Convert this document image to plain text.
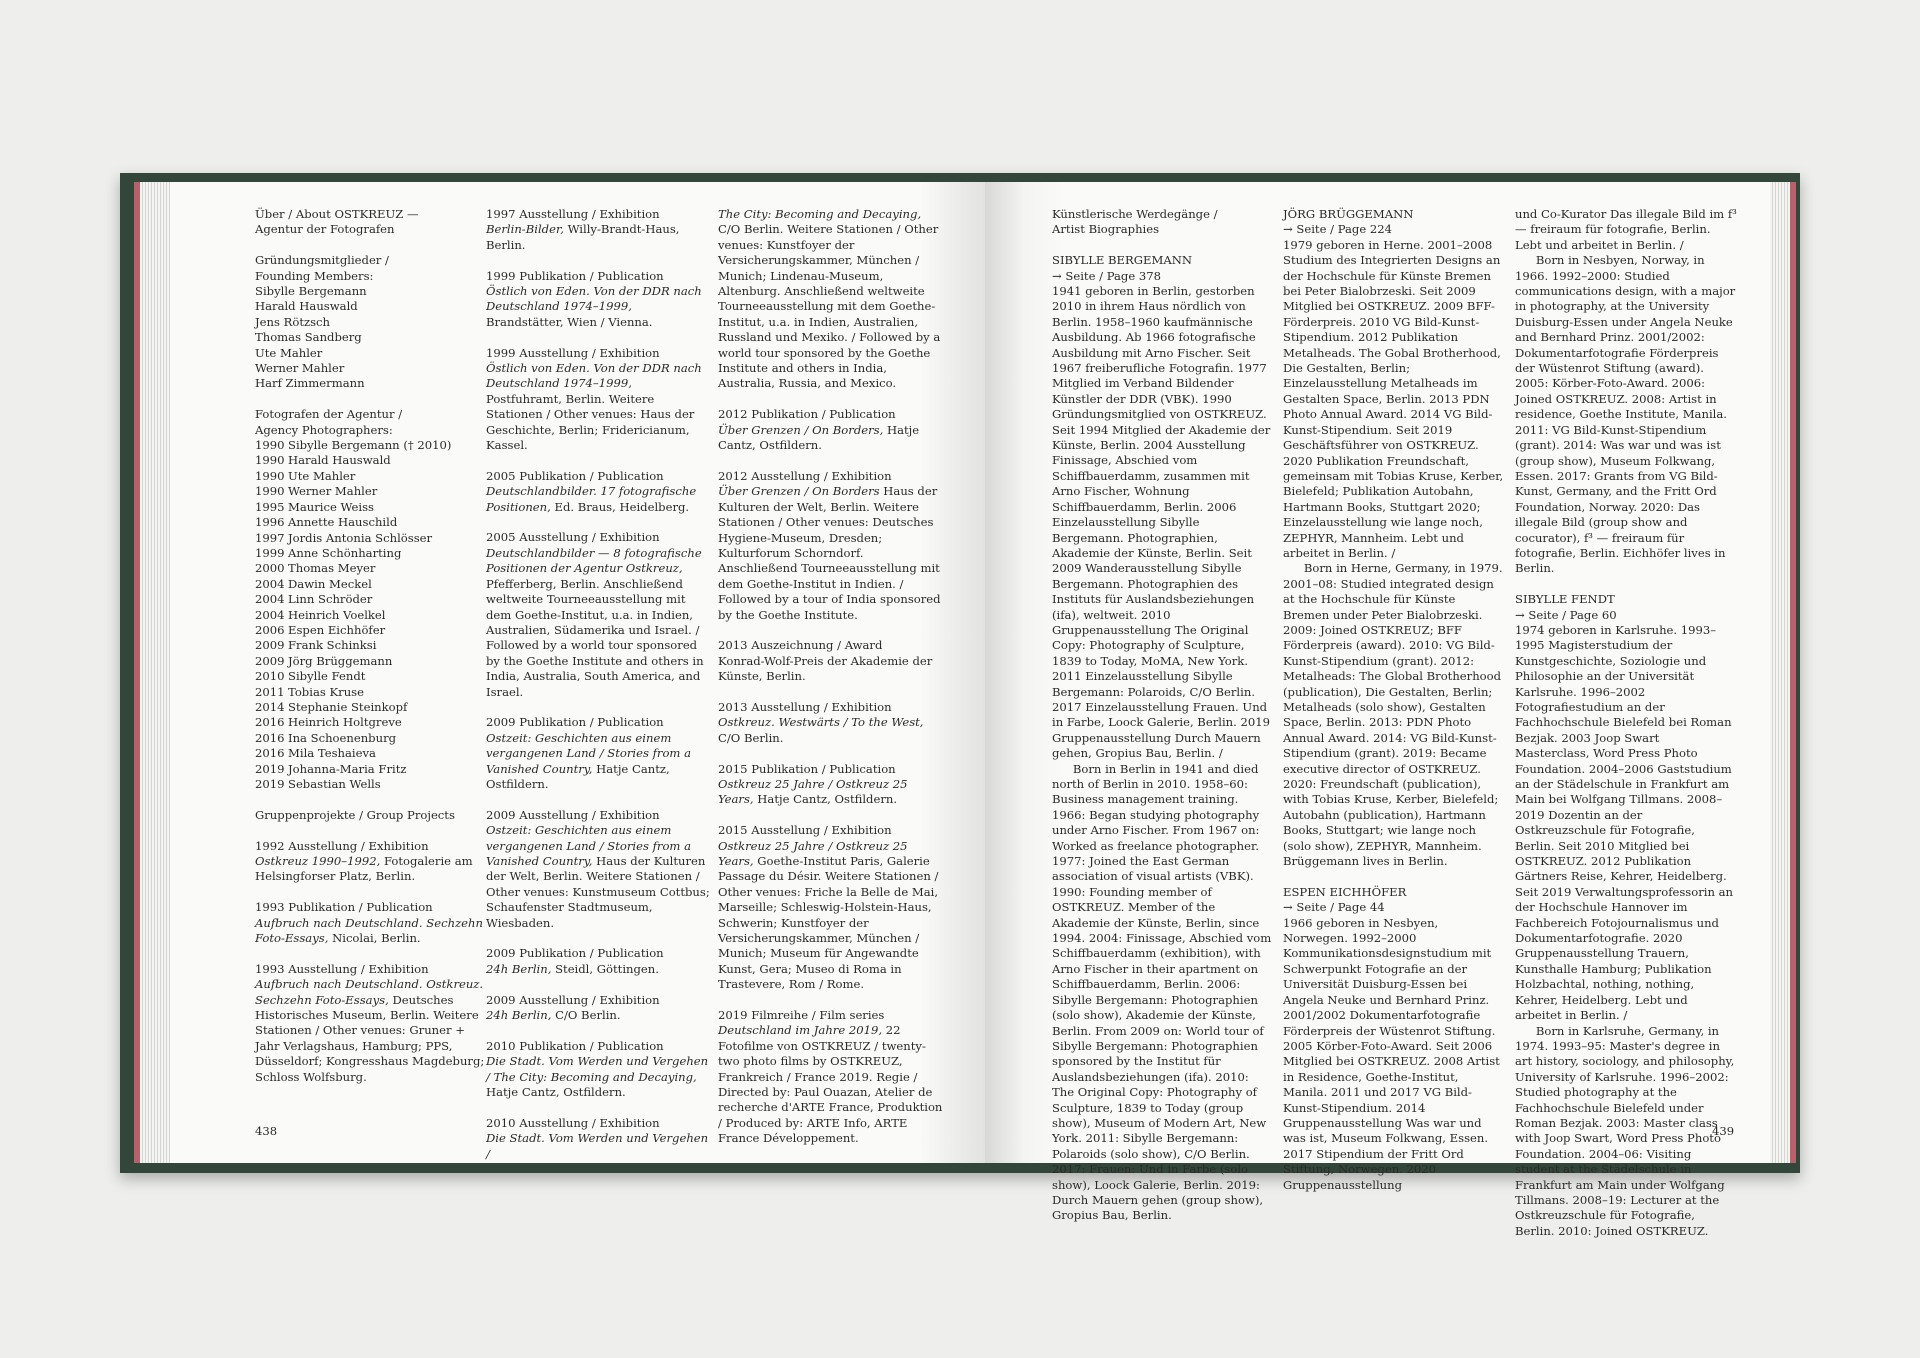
Über / About OSTKREUZ —
Agentur der Fotografen

Gründungsmitglieder /
Founding Members:
Sibylle Bergemann
Harald Hauswald
Jens Rötzsch
Thomas Sandberg
Ute Mahler
Werner Mahler
Harf Zimmermann

Fotografen der Agentur /
Agency Photographers:
1990 Sibylle Bergemann († 2010)
1990 Harald Hauswald
1990 Ute Mahler
1990 Werner Mahler
1995 Maurice Weiss
1996 Annette Hauschild
1997 Jordis Antonia Schlösser
1999 Anne Schönharting
2000 Thomas Meyer
2004 Dawin Meckel
2004 Linn Schröder
2004 Heinrich Voelkel
2006 Espen Eichhöfer
2009 Frank Schinksi
2009 Jörg Brüggemann
2010 Sibylle Fendt
2011 Tobias Kruse
2014 Stephanie Steinkopf
2016 Heinrich Holtgreve
2016 Ina Schoenenburg
2016 Mila Teshaieva
2019 Johanna-Maria Fritz
2019 Sebastian Wells

Gruppenprojekte / Group Projects

1992 Ausstellung / Exhibition
Ostkreuz 1990–1992, Fotogalerie am Helsingforser Platz, Berlin.

1993 Publikation / Publication
Aufbruch nach Deutschland. Sechzehn Foto-Essays, Nicolai, Berlin.

1993 Ausstellung / Exhibition
Aufbruch nach Deutschland. Ostkreuz. Sechzehn Foto-Essays, Deutsches Historisches Museum, Berlin. Weitere Stationen / Other venues: Gruner + Jahr Verlagshaus, Hamburg; PPS, Düsseldorf; Kongresshaus Magdeburg; Schloss Wolfsburg.

1997 Ausstellung / Exhibition
Berlin-Bilder, Willy-Brandt-Haus, Berlin.

1999 Publikation / Publication
Östlich von Eden. Von der DDR nach Deutschland 1974–1999, Brandstätter, Wien / Vienna.

1999 Ausstellung / Exhibition
Östlich von Eden. Von der DDR nach Deutschland 1974–1999, Postfuhramt, Berlin. Weitere Stationen / Other venues: Haus der Geschichte, Berlin; Fridericianum, Kassel.

2005 Publikation / Publication
Deutschlandbilder. 17 fotografische Positionen, Ed. Braus, Heidelberg.

2005 Ausstellung / Exhibition
Deutschlandbilder — 8 fotografische Positionen der Agentur Ostkreuz, Pfefferberg, Berlin. Anschließend weltweite Tourneeausstellung mit dem Goethe-Institut, u.a. in Indien, Australien, Südamerika und Israel. / Followed by a world tour sponsored by the Goethe Institute and others in India, Australia, South America, and Israel.

2009 Publikation / Publication
Ostzeit: Geschichten aus einem vergangenen Land / Stories from a Vanished Country, Hatje Cantz, Ostfildern.

2009 Ausstellung / Exhibition
Ostzeit: Geschichten aus einem vergangenen Land / Stories from a Vanished Country, Haus der Kulturen der Welt, Berlin. Weitere Stationen / Other venues: Kunstmuseum Cottbus; Schaufenster Stadtmuseum, Wiesbaden.

2009 Publikation / Publication
24h Berlin, Steidl, Göttingen.

2009 Ausstellung / Exhibition
24h Berlin, C/O Berlin.

2010 Publikation / Publication
Die Stadt. Vom Werden und Vergehen / The City: Becoming and Decaying, Hatje Cantz, Ostfildern.

2010 Ausstellung / Exhibition
Die Stadt. Vom Werden und Vergehen /

The City: Becoming and Decaying, C/O Berlin. Weitere Stationen / Other venues: Kunstfoyer der Versicherungskammer, München / Munich; Lindenau-Museum, Altenburg. Anschließend weltweite Tourneeausstellung mit dem Goethe-Institut, u.a. in Indien, Australien, Russland und Mexiko. / Followed by a world tour sponsored by the Goethe Institute and others in India, Australia, Russia, and Mexico.

2012 Publikation / Publication
Über Grenzen / On Borders, Hatje Cantz, Ostfildern.

2012 Ausstellung / Exhibition
Über Grenzen / On Borders Haus der Kulturen der Welt, Berlin. Weitere Stationen / Other venues: Deutsches Hygiene-Museum, Dresden; Kulturforum Schorndorf. Anschließend Tourneeausstellung mit dem Goethe-Institut in Indien. / Followed by a tour of India sponsored by the Goethe Institute.

2013 Auszeichnung / Award
Konrad-Wolf-Preis der Akademie der Künste, Berlin.

2013 Ausstellung / Exhibition
Ostkreuz. Westwärts / To the West, C/O Berlin.

2015 Publikation / Publication
Ostkreuz 25 Jahre / Ostkreuz 25 Years, Hatje Cantz, Ostfildern.

2015 Ausstellung / Exhibition
Ostkreuz 25 Jahre / Ostkreuz 25 Years, Goethe-Institut Paris, Galerie Passage du Désir. Weitere Stationen / Other venues: Friche la Belle de Mai, Marseille; Schleswig-Holstein-Haus, Schwerin; Kunstfoyer der Versicherungskammer, München / Munich; Museum für Angewandte Kunst, Gera; Museo di Roma in Trastevere, Rom / Rome.

2019 Filmreihe / Film series
Deutschland im Jahre 2019, 22 Fotofilme von OSTKREUZ / twenty-two photo films by OSTKREUZ, Frankreich / France 2019. Regie / Directed by: Paul Ouazan, Atelier de recherche d'ARTE France, Produktion / Produced by: ARTE Info, ARTE France Développement.

438

Künstlerische Werdegänge /
Artist Biographies

SIBYLLE BERGEMANN
→ Seite / Page 378
1941 geboren in Berlin, gestorben 2010 in ihrem Haus nördlich von Berlin. 1958–1960 kaufmännische Ausbildung. Ab 1966 fotografische Ausbildung mit Arno Fischer. Seit 1967 freiberufliche Fotografin. 1977 Mitglied im Verband Bildender Künstler der DDR (VBK). 1990 Gründungsmitglied von OSTKREUZ. Seit 1994 Mitglied der Akademie der Künste, Berlin. 2004 Ausstellung Finissage, Abschied vom Schiffbauerdamm, zusammen mit Arno Fischer, Wohnung Schiffbauerdamm, Berlin. 2006 Einzelausstellung Sibylle Bergemann. Photographien, Akademie der Künste, Berlin. Seit 2009 Wanderausstellung Sibylle Bergemann. Photographien des Instituts für Auslandsbeziehungen (ifa), weltweit. 2010 Gruppenausstellung The Original Copy: Photography of Sculpture, 1839 to Today, MoMA, New York. 2011 Einzelausstellung Sibylle Bergemann: Polaroids, C/O Berlin. 2017 Einzelausstellung Frauen. Und in Farbe, Loock Galerie, Berlin. 2019 Gruppenausstellung Durch Mauern gehen, Gropius Bau, Berlin. /
Born in Berlin in 1941 and died north of Berlin in 2010. 1958–60: Business management training. 1966: Began studying photography under Arno Fischer. From 1967 on: Worked as freelance photographer. 1977: Joined the East German association of visual artists (VBK). 1990: Founding member of OSTKREUZ. Member of the Akademie der Künste, Berlin, since 1994. 2004: Finissage, Abschied vom Schiffbauerdamm (exhibition), with Arno Fischer in their apartment on Schiffbauerdamm, Berlin. 2006: Sibylle Bergemann: Photographien (solo show), Akademie der Künste, Berlin. From 2009 on: World tour of Sibylle Bergemann: Photographien sponsored by the Institut für Auslandsbeziehungen (ifa). 2010: The Original Copy: Photography of Sculpture, 1839 to Today (group show), Museum of Modern Art, New York. 2011: Sibylle Bergemann: Polaroids (solo show), C/O Berlin. 2017: Frauen: Und in Farbe (solo show), Loock Galerie, Berlin. 2019: Durch Mauern gehen (group show), Gropius Bau, Berlin.
JÖRG BRÜGGEMANN
→ Seite / Page 224
1979 geboren in Herne. 2001–2008 Studium des Integrierten Designs an der Hochschule für Künste Bremen bei Peter Bialobrzeski. Seit 2009 Mitglied bei OSTKREUZ. 2009 BFF-Förderpreis. 2010 VG Bild-Kunst-Stipendium. 2012 Publikation Metalheads. The Gobal Brotherhood, Die Gestalten, Berlin; Einzelausstellung Metalheads im Gestalten Space, Berlin. 2013 PDN Photo Annual Award. 2014 VG Bild-Kunst-Stipendium. Seit 2019 Geschäftsführer von OSTKREUZ. 2020 Publikation Freundschaft, gemeinsam mit Tobias Kruse, Kerber, Bielefeld; Publikation Autobahn, Hartmann Books, Stuttgart 2020; Einzelausstellung wie lange noch, ZEPHYR, Mannheim. Lebt und arbeitet in Berlin. /
Born in Herne, Germany, in 1979. 2001–08: Studied integrated design at the Hochschule für Künste Bremen under Peter Bialobrzeski. 2009: Joined OSTKREUZ; BFF Förderpreis (award). 2010: VG Bild-Kunst-Stipendium (grant). 2012: Metalheads: The Global Brotherhood (publication), Die Gestalten, Berlin; Metalheads (solo show), Gestalten Space, Berlin. 2013: PDN Photo Annual Award. 2014: VG Bild-Kunst-Stipendium (grant). 2019: Became executive director of OSTKREUZ. 2020: Freundschaft (publication), with Tobias Kruse, Kerber, Bielefeld; Autobahn (publication), Hartmann Books, Stuttgart; wie lange noch (solo show), ZEPHYR, Mannheim. Brüggemann lives in Berlin.
ESPEN EICHHÖFER
→ Seite / Page 44
1966 geboren in Nesbyen, Norwegen. 1992–2000 Kommunikationsdesignstudium mit Schwerpunkt Fotografie an der Universität Duisburg-Essen bei Angela Neuke und Bernhard Prinz. 2001/2002 Dokumentarfotografie Förderpreis der Wüstenrot Stiftung. 2005 Körber-Foto-Award. Seit 2006 Mitglied bei OSTKREUZ. 2008 Artist in Residence, Goethe-Institut, Manila. 2011 und 2017 VG Bild-Kunst-Stipendium. 2014 Gruppenausstellung Was war und was ist, Museum Folkwang, Essen. 2017 Stipendium der Fritt Ord Stiftung, Norwegen. 2020 Gruppenausstellung
und Co-Kurator Das illegale Bild im f³ — freiraum für fotografie, Berlin. Lebt und arbeitet in Berlin. /
Born in Nesbyen, Norway, in 1966. 1992–2000: Studied communications design, with a major in photography, at the University Duisburg-Essen under Angela Neuke and Bernhard Prinz. 2001/2002: Dokumentarfotografie Förderpreis der Wüstenrot Stiftung (award). 2005: Körber-Foto-Award. 2006: Joined OSTKREUZ. 2008: Artist in residence, Goethe Institute, Manila. 2011: VG Bild-Kunst-Stipendium (grant). 2014: Was war und was ist (group show), Museum Folkwang, Essen. 2017: Grants from VG Bild-Kunst, Germany, and the Fritt Ord Foundation, Norway. 2020: Das illegale Bild (group show and cocurator), f³ — freiraum für fotografie, Berlin. Eichhöfer lives in Berlin.
SIBYLLE FENDT
→ Seite / Page 60
1974 geboren in Karlsruhe. 1993–1995 Magisterstudium der Kunstgeschichte, Soziologie und Philosophie an der Universität Karlsruhe. 1996–2002 Fotografiestudium an der Fachhochschule Bielefeld bei Roman Bezjak. 2003 Joop Swart Masterclass, Word Press Photo Foundation. 2004–2006 Gaststudium an der Städelschule in Frankfurt am Main bei Wolfgang Tillmans. 2008–2019 Dozentin an der Ostkreuzschule für Fotografie, Berlin. Seit 2010 Mitglied bei OSTKREUZ. 2012 Publikation Gärtners Reise, Kehrer, Heidelberg. Seit 2019 Verwaltungsprofessorin an der Hochschule Hannover im Fachbereich Fotojournalismus und Dokumentarfotografie. 2020 Gruppenausstellung Trauern, Kunsthalle Hamburg; Publikation Holzbachtal, nothing, nothing, Kehrer, Heidelberg. Lebt und arbeitet in Berlin. /
Born in Karlsruhe, Germany, in 1974. 1993–95: Master's degree in art history, sociology, and philosophy, University of Karlsruhe. 1996–2002: Studied photography at the Fachhochschule Bielefeld under Roman Bezjak. 2003: Master class with Joop Swart, Word Press Photo Foundation. 2004–06: Visiting student at the Städelschule in Frankfurt am Main under Wolfgang Tillmans. 2008–19: Lecturer at the Ostkreuzschule für Fotografie, Berlin. 2010: Joined OSTKREUZ.
439
